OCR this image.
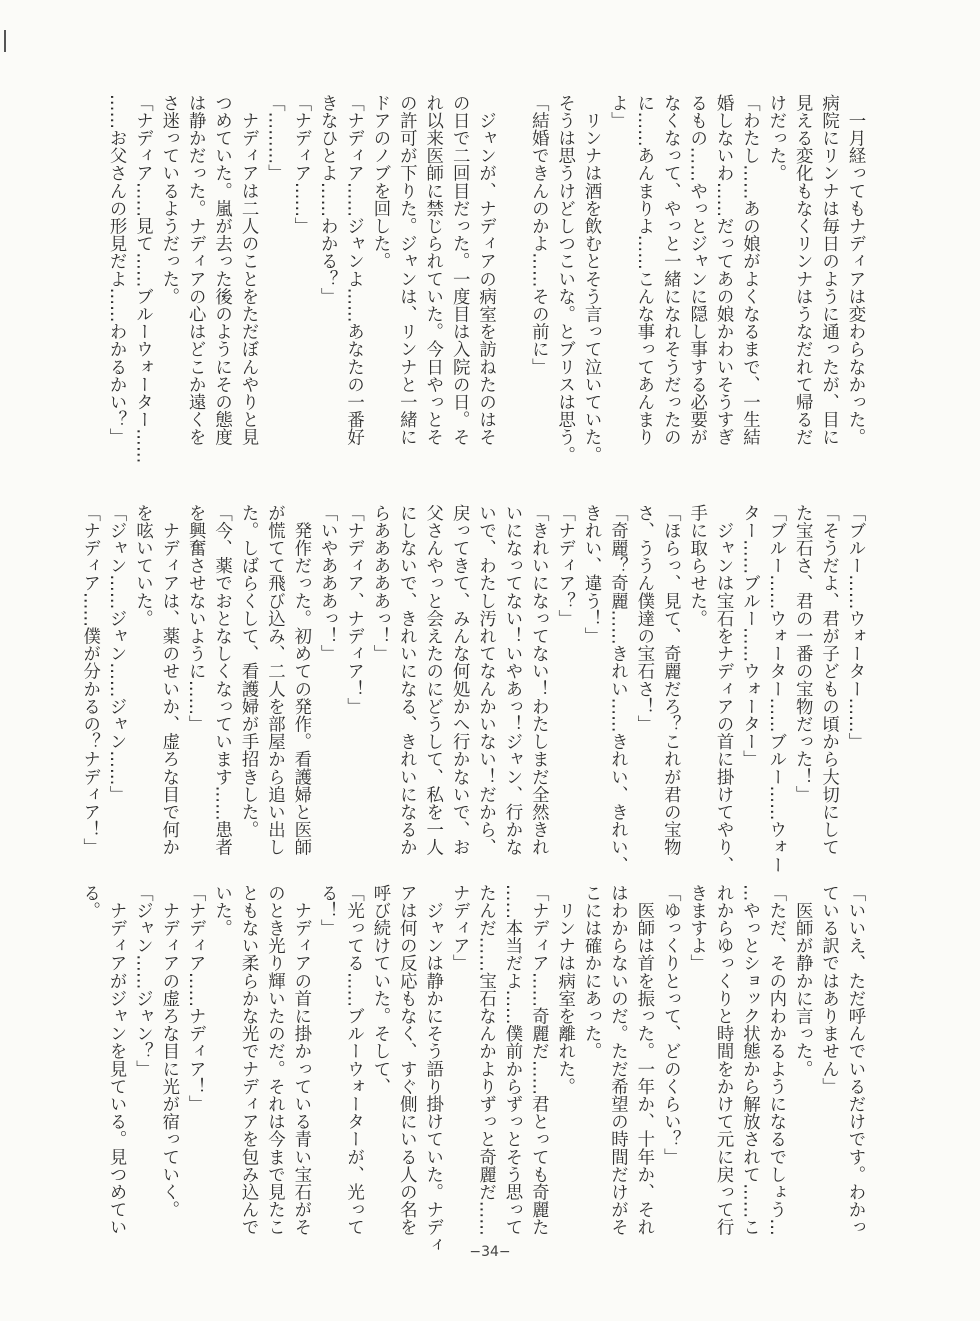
　一月経ってもナディアは変わらなかった。
病院にリンナは毎日のように通ったが、目に
見える変化もなくリンナはうなだれて帰るだ
けだった。
「わたし……あの娘がよくなるまで、一生結
婚しないわ……だってあの娘かわいそうすぎ
るもの……やっとジャンに隠し事する必要が
なくなって、やっと一緒になれそうだったの
に……あんまりよ……こんな事ってあんまり
よ」
　リンナは酒を飲むとそう言って泣いていた。
そうは思うけどしつこいな。とブリスは思う。
「結婚できんのかよ……その前に」
　ジャンが、ナディアの病室を訪ねたのはそ
の日で二回目だった。一度目は入院の日。そ
れ以来医師に禁じられていた。今日やっとそ
の許可が下りた。ジャンは、リンナと一緒に
ドアのノブを回した。
「ナディア……ジャンよ……あなたの一番好
きなひとよ……わかる？」
「ナディア……」
「………」
　ナディアは二人のことをただぼんやりと見
つめていた。嵐が去った後のようにその態度
は静かだった。ナディアの心はどこか遠くを
さ迷っているようだった。
「ナディア……見て……ブルーウォーター……
……お父さんの形見だよ……わかるかい？」
「ブルー……ウォーター……」
「そうだよ、君が子どもの頃から大切にして
た宝石さ、君の一番の宝物だった！」
「ブルー……ウォーター……ブルー……ウォー
ター……ブルー……ウォーター」
　ジャンは宝石をナディアの首に掛けてやり、
手に取らせた。
「ほらっ、見て、奇麗だろ？これが君の宝物
さ、ううん僕達の宝石さ！」
「奇麗？奇麗……きれい……きれい、きれい、
きれい、違う！」
「ナディア？」
「きれいになってない！わたしまだ全然きれ
いになってない！いやあっ！ジャン、行かな
いで、わたし汚れてなんかいない！だから、
戻ってきて、みんな何処かへ行かないで、お
父さんやっと会えたのにどうして、私を一人
にしないで、きれいになる、きれいになるか
らあああああっ！」
「ナディア、ナディア！」
「いやあああっ！」
　発作だった。初めての発作。看護婦と医師
が慌てて飛び込み、二人を部屋から追い出し
た。しばらくして、看護婦が手招きした。
「今、薬でおとなしくなっています……患者
を興奮させないように……」
　ナディアは、薬のせいか、虚ろな目で何か
を呟いていた。
「ジャン……ジャン……ジャン……」
「ナディア……僕が分かるの？ナディア！」
「いいえ、ただ呼んでいるだけです。わかっ
ている訳ではありません」
　医師が静かに言った。
「ただ、その内わかるようになるでしょう…
…やっとショック状態から解放されて……こ
れからゆっくりと時間をかけて元に戻って行
きますよ」
「ゆっくりとって、どのくらい？」
　医師は首を振った。一年か、十年か、それ
はわからないのだ。ただ希望の時間だけがそ
こには確かにあった。
　リンナは病室を離れた。
「ナディア……奇麗だ……君とっても奇麗た
……本当だよ……僕前からずっとそう思って
たんだ……宝石なんかよりずっと奇麗だ……
ナディア」
　ジャンは静かにそう語り掛けていた。ナディ
アは何の反応もなく、すぐ側にいる人の名を
呼び続けていた。そして、
「光ってる……ブルーウォーターが、光って
る！」
　ナディアの首に掛かっている青い宝石がそ
のとき光り輝いたのだ。それは今まで見たこ
ともない柔らかな光でナディアを包み込んで
いた。
「ナディア……ナディア！」
　ナディアの虚ろな目に光が宿っていく。
「ジャン……ジャン？」
　ナディアがジャンを見ている。見つめてい
る。
−34−
